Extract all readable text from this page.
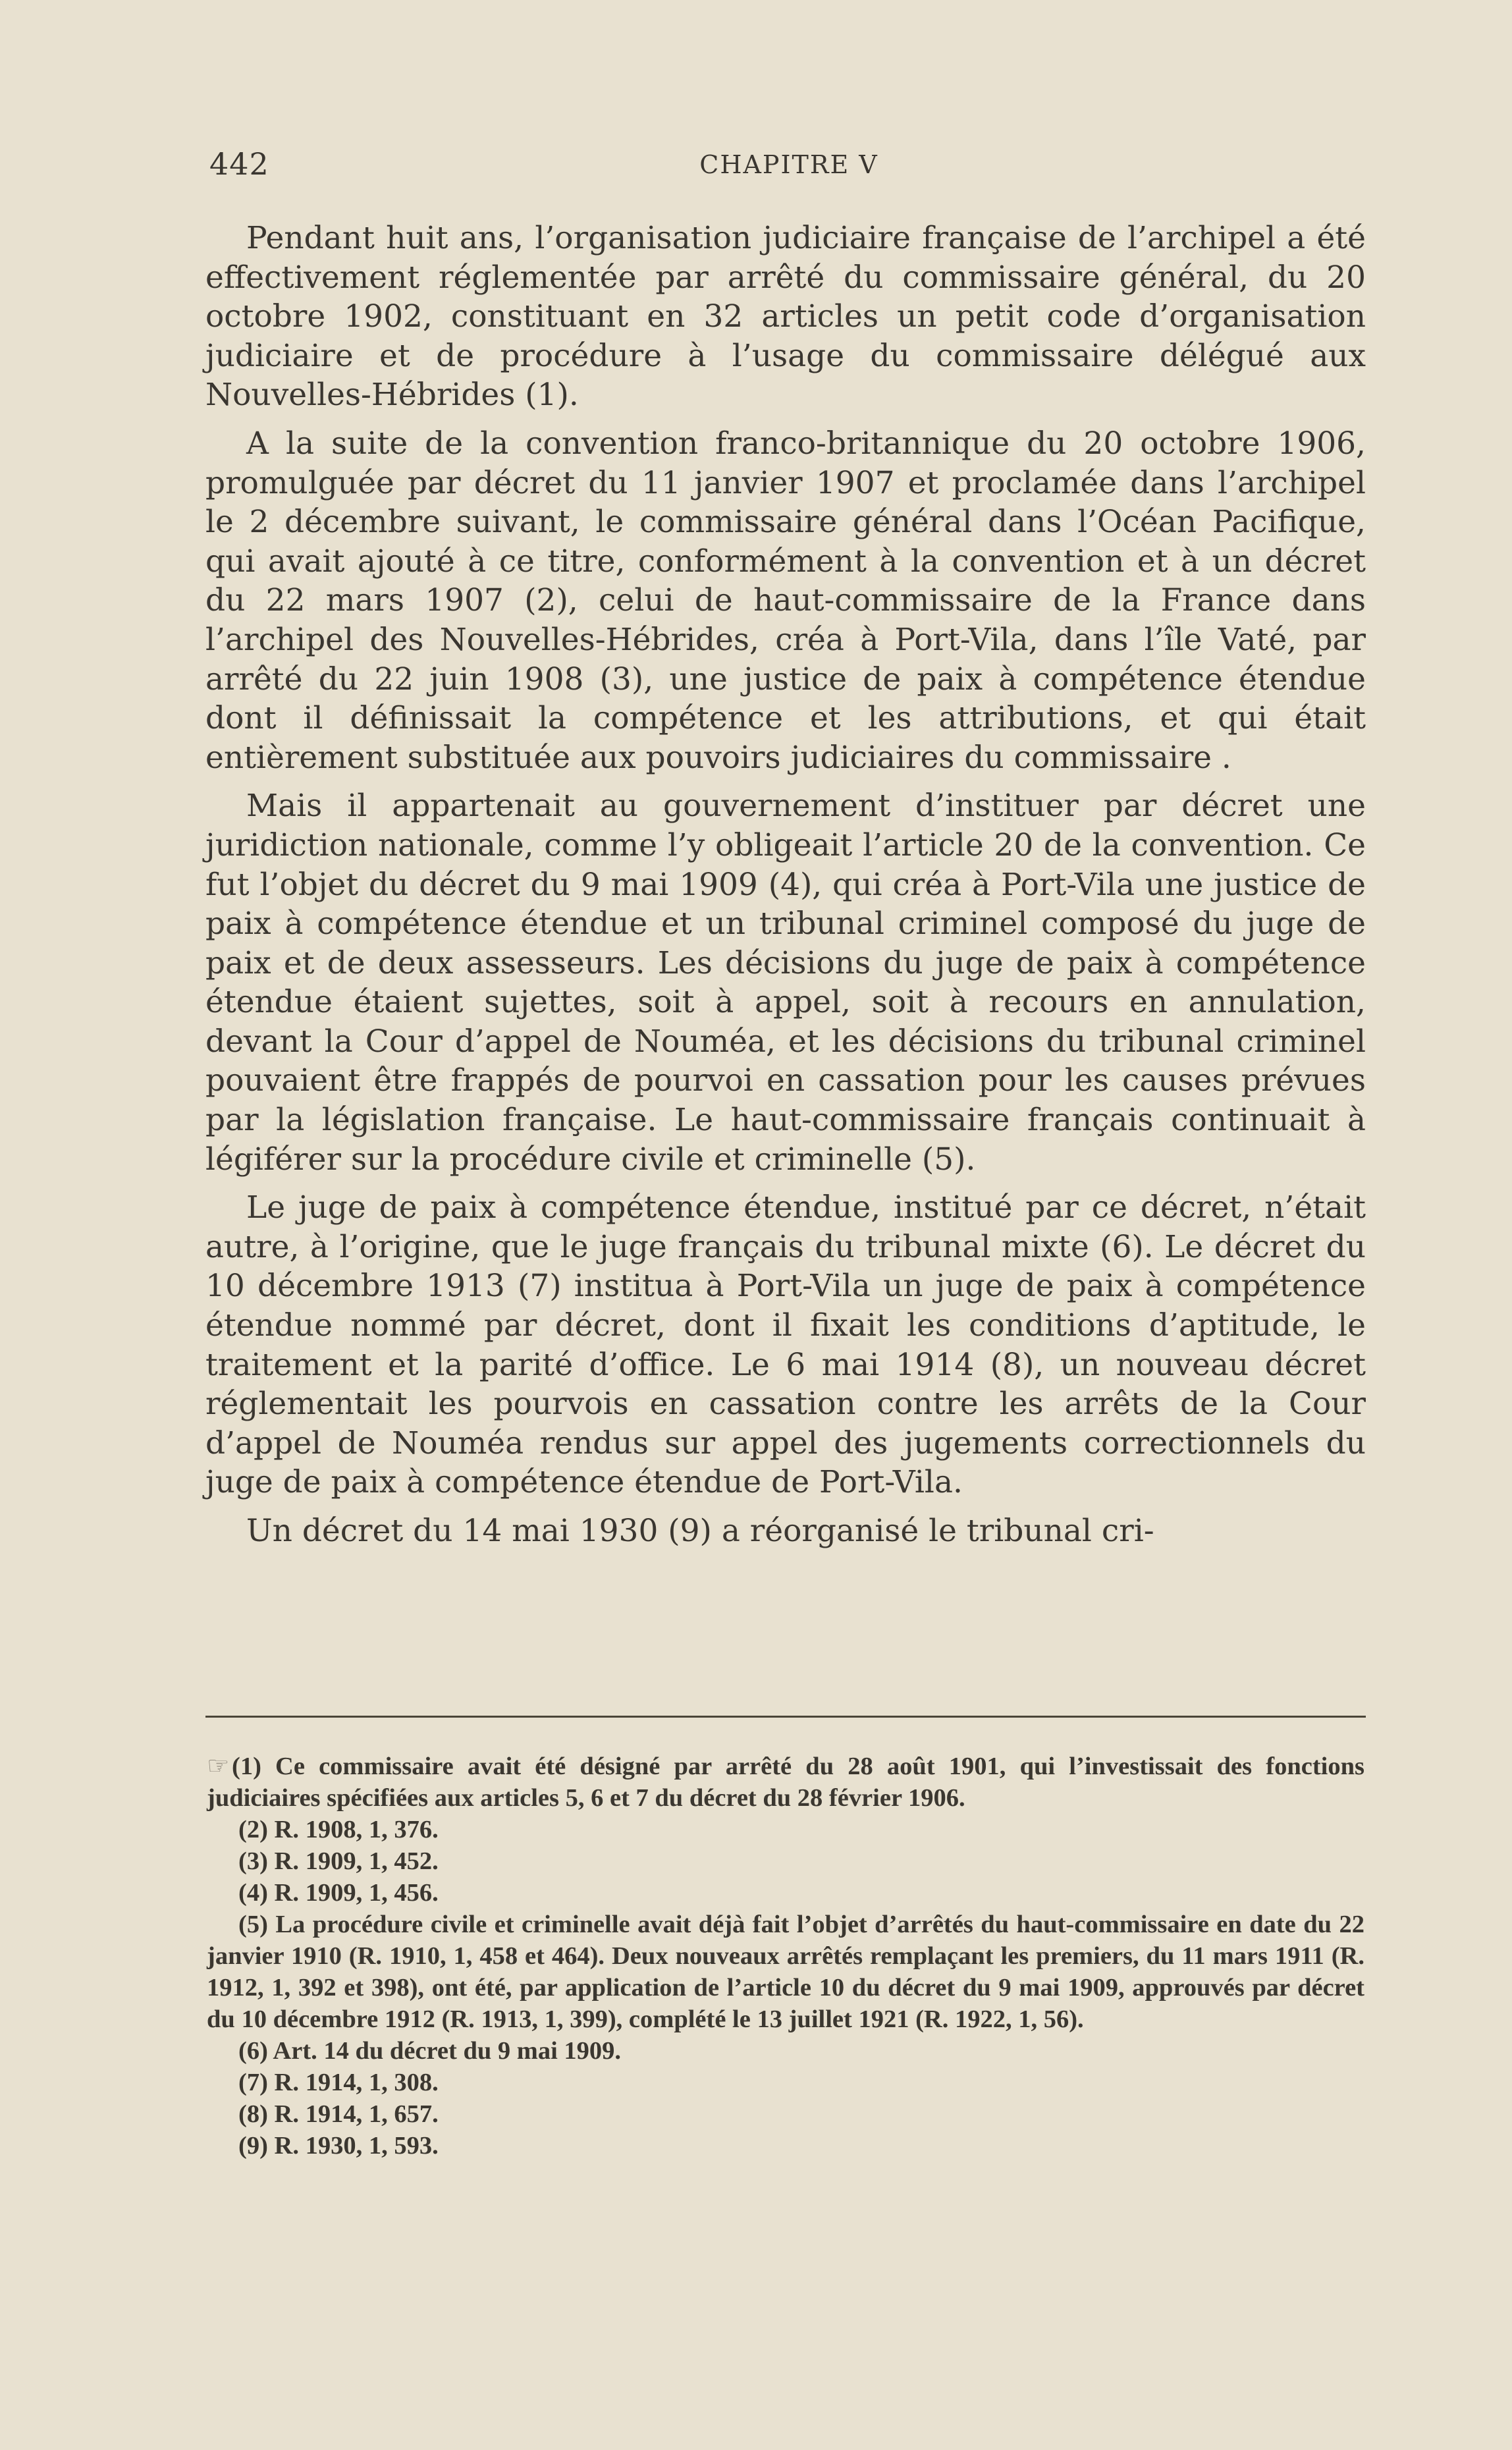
442	CHAPITRE V

Pendant huit ans, l’organisation judiciaire française de l’archipel a été effectivement réglementée par arrêté du commissaire général, du 20 octobre 1902, constituant en 32 articles un petit code d’organisation judiciaire et de procédure à l’usage du commissaire délégué aux Nouvelles-Hébrides (1).

A la suite de la convention franco-britannique du 20 octobre 1906, promulguée par décret du 11 janvier 1907 et proclamée dans l’archipel le 2 décembre suivant, le commissaire général dans l’Océan Pacifique, qui avait ajouté à ce titre, conformément à la convention et à un décret du 22 mars 1907 (2), celui de haut-commissaire de la France dans l’archipel des Nouvelles-Hébrides, créa à Port-Vila, dans l’île Vaté, par arrêté du 22 juin 1908 (3), une justice de paix à compétence étendue dont il définissait la compétence et les attributions, et qui était entièrement substituée aux pouvoirs judiciaires du commissaire .

Mais il appartenait au gouvernement d’instituer par décret une juridiction nationale, comme l’y obligeait l’article 20 de la convention. Ce fut l’objet du décret du 9 mai 1909 (4), qui créa à Port-Vila une justice de paix à compétence étendue et un tribunal criminel composé du juge de paix et de deux assesseurs. Les décisions du juge de paix à compétence étendue étaient sujettes, soit à appel, soit à recours en annulation, devant la Cour d’appel de Nouméa, et les décisions du tribunal criminel pouvaient être frappés de pourvoi en cassation pour les causes prévues par la législation française. Le haut-commissaire français continuait à légiférer sur la procédure civile et criminelle (5).

Le juge de paix à compétence étendue, institué par ce décret, n’était autre, à l’origine, que le juge français du tribunal mixte (6). Le décret du 10 décembre 1913 (7) institua à Port-Vila un juge de paix à compétence étendue nommé par décret, dont il fixait les conditions d’aptitude, le traitement et la parité d’office. Le 6 mai 1914 (8), un nouveau décret réglementait les pourvois en cassation contre les arrêts de la Cour d’appel de Nouméa rendus sur appel des jugements correctionnels du juge de paix à compétence étendue de Port-Vila.

Un décret du 14 mai 1930 (9) a réorganisé le tribunal cri-

☞(1) Ce commissaire avait été désigné par arrêté du 28 août 1901, qui l’investissait des fonctions judiciaires spécifiées aux articles 5, 6 et 7 du décret du 28 février 1906.

(2) R. 1908, 1, 376.

(3) R. 1909, 1, 452.

(4) R. 1909, 1, 456.

(5) La procédure civile et criminelle avait déjà fait l’objet d’arrêtés du haut-commissaire en date du 22 janvier 1910 (R. 1910, 1, 458 et 464). Deux nouveaux arrêtés remplaçant les premiers, du 11 mars 1911 (R. 1912, 1, 392 et 398), ont été, par application de l’article 10 du décret du 9 mai 1909, approuvés par décret du 10 décembre 1912 (R. 1913, 1, 399), complété le 13 juillet 1921 (R. 1922, 1, 56).

(6) Art. 14 du décret du 9 mai 1909.

(7) R. 1914, 1, 308.

(8) R. 1914, 1, 657.

(9) R. 1930, 1, 593.
